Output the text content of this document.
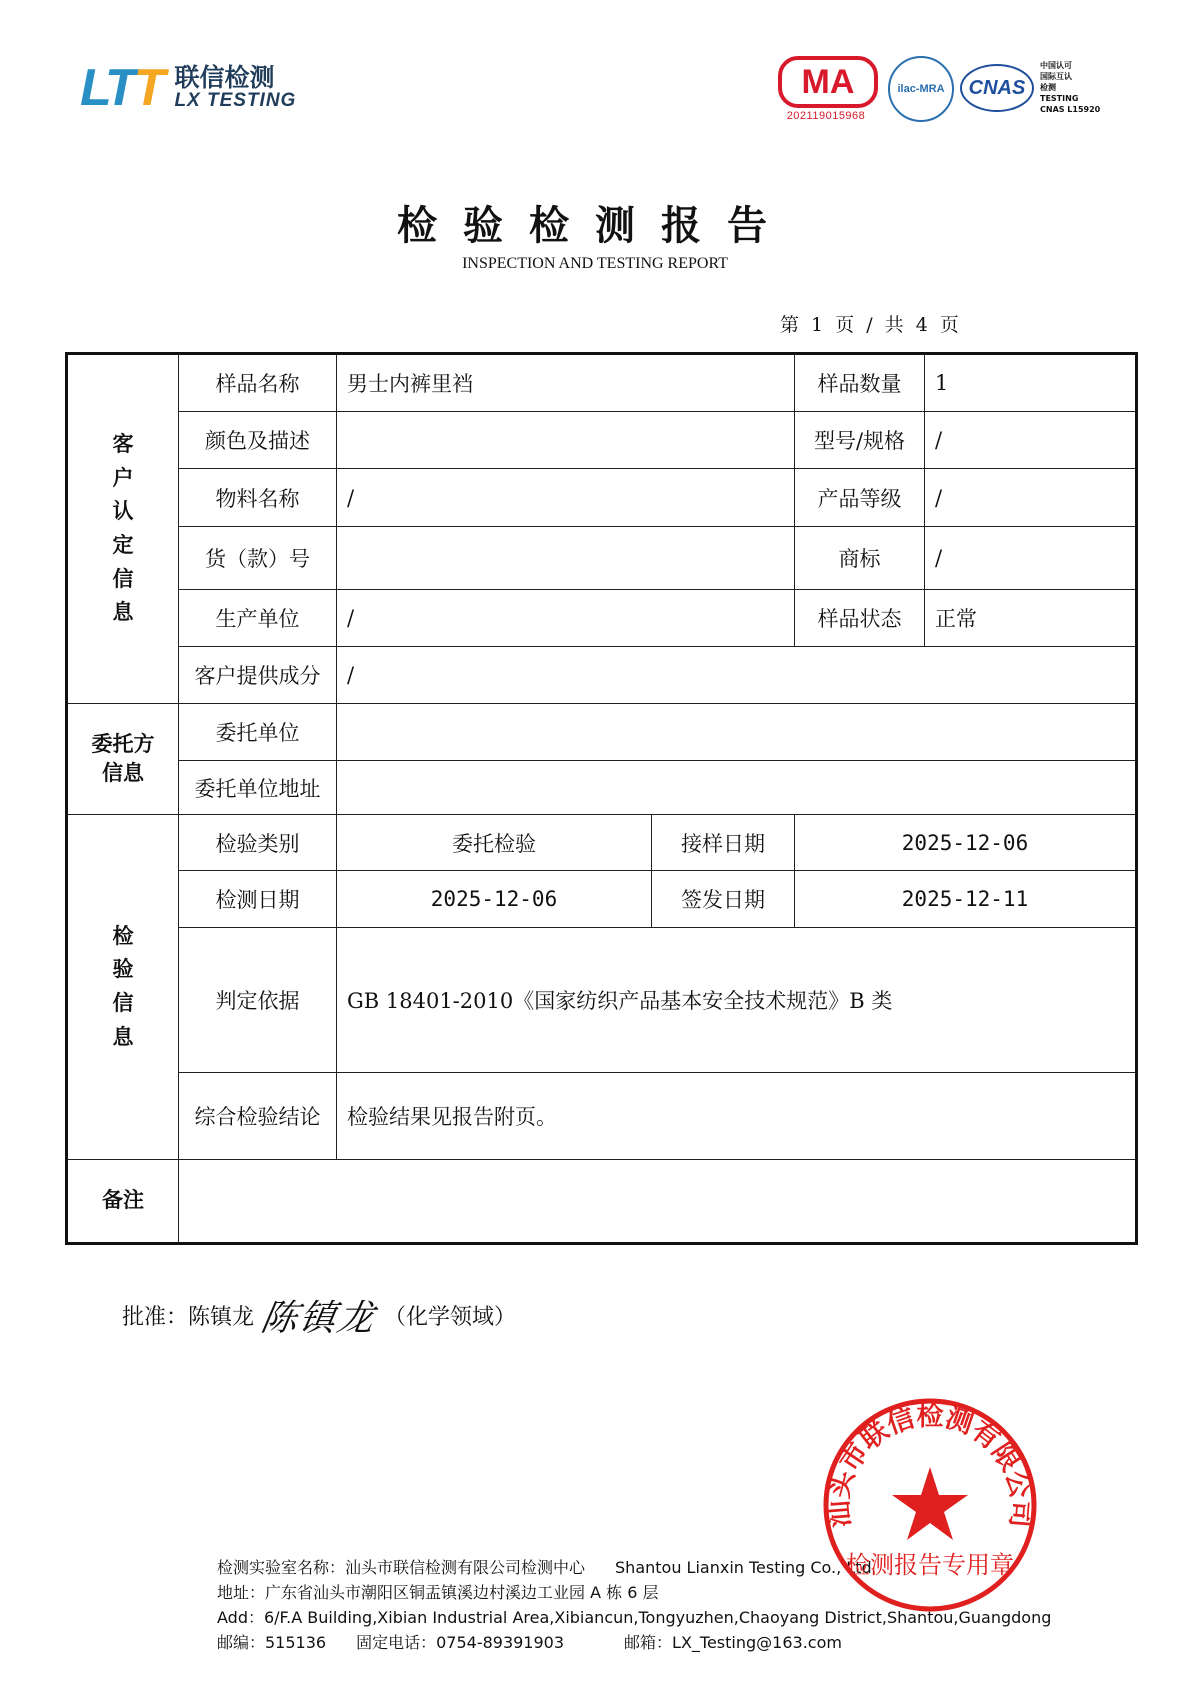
LTT 联信检测
LX TESTING	MA
202119015968
ilac-MRA	CNAS
中国认可
国际互认
检测
TESTING
CNAS L15920
检验检测报告
INSPECTION AND TESTING REPORT
第 1 页 / 共 4 页
客户认定信息	样品名称	男士内裤里裆		样品数量	1
	颜色及描述			型号/规格	/
	物料名称	/		产品等级	/
	货（款）号			商标	/
	生产单位	/		样品状态	正常
	客户提供成分	/			

委托方
信息	委托单位				
	委托单位地址				

检验信息	检验类别	委托检验	接样日期	2025-12-06	
	检测日期	2025-12-06	签发日期	2025-12-11	
	判定依据	GB 18401-2010《国家纺织产品基本安全技术规范》B 类			
	综合检验结论	检验结果见报告附页。			
备注					
批准：陈镇龙 陈镇龙 （化学领域）
检测实验室名称：汕头市联信检测有限公司检测中心 Shantou Lianxin Testing Co., Ltd
地址：广东省汕头市潮阳区铜盂镇溪边村溪边工业园 A 栋 6 层
Add：6/F.A Building,Xibian Industrial Area,Xibiancun,Tongyuzhen,Chaoyang District,Shantou,Guangdong
邮编：515136 固定电话：0754-89391903	邮箱：LX_Testing@163.com
汕头市联信检测有限公司
检测报告专用章
